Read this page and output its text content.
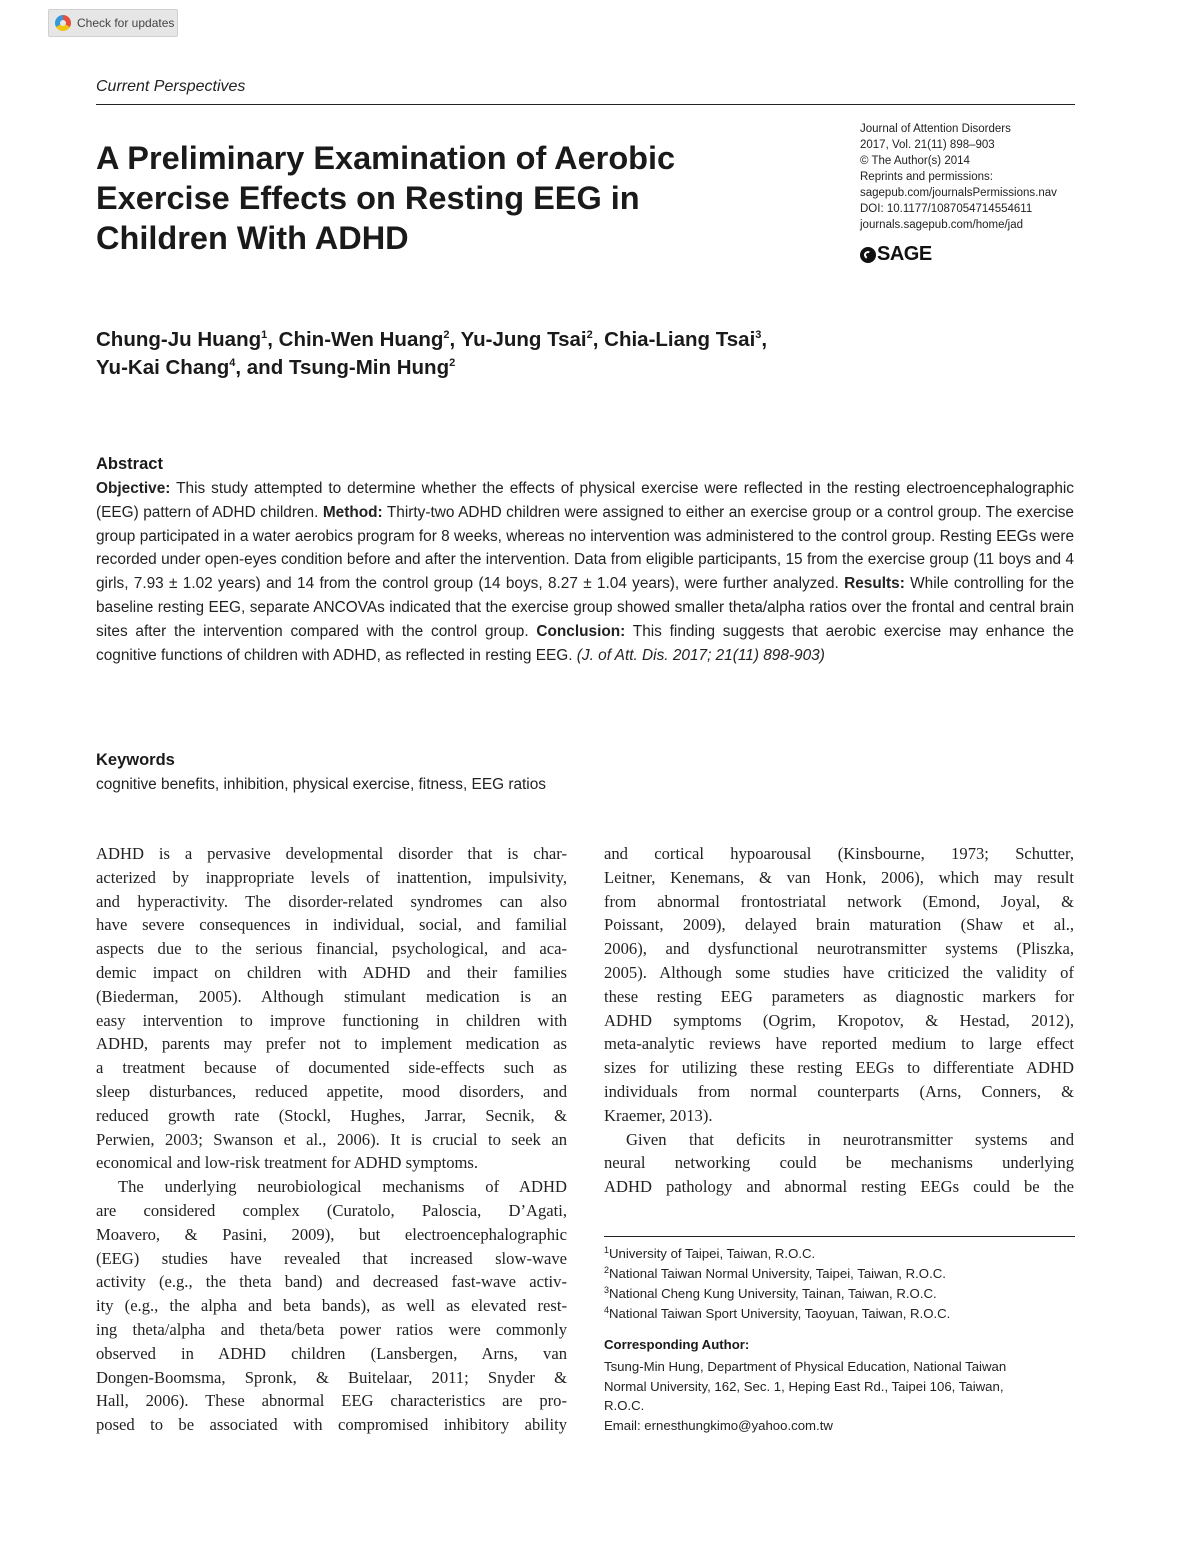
Check for updates
Current Perspectives
A Preliminary Examination of Aerobic
Exercise Effects on Resting EEG in
Children With ADHD
Journal of Attention Disorders
2017, Vol. 21(11) 898–903
© The Author(s) 2014
Reprints and permissions:
sagepub.com/journalsPermissions.nav
DOI: 10.1177/1087054714554611
journals.sagepub.com/home/jad
SAGE
Chung-Ju Huang$^1$, Chin-Wen Huang$^2$, Yu-Jung Tsai$^2$, Chia-Liang Tsai$^3$,
Yu-Kai Chang$^4$, and Tsung-Min Hung$^2$
Abstract
Objective: This study attempted to determine whether the effects of physical exercise were reflected in the resting electroencephalographic (EEG) pattern of ADHD children. Method: Thirty-two ADHD children were assigned to either an exercise group or a control group. The exercise group participated in a water aerobics program for 8 weeks, whereas no intervention was administered to the control group. Resting EEGs were recorded under open-eyes condition before and after the intervention. Data from eligible participants, 15 from the exercise group (11 boys and 4 girls, 7.93 ± 1.02 years) and 14 from the control group (14 boys, 8.27 ± 1.04 years), were further analyzed. Results: While controlling for the baseline resting EEG, separate ANCOVAs indicated that the exercise group showed smaller theta/alpha ratios over the frontal and central brain sites after the intervention compared with the control group. Conclusion: This finding suggests that aerobic exercise may enhance the cognitive functions of children with ADHD, as reflected in resting EEG. (J. of Att. Dis. 2017; 21(11) 898-903)
Keywords
cognitive benefits, inhibition, physical exercise, fitness, EEG ratios
ADHD is a pervasive developmental disorder that is char-
acterized by inappropriate levels of inattention, impulsivity,
and hyperactivity. The disorder-related syndromes can also
have severe consequences in individual, social, and familial
aspects due to the serious financial, psychological, and aca-
demic impact on children with ADHD and their families
(Biederman, 2005). Although stimulant medication is an
easy intervention to improve functioning in children with
ADHD, parents may prefer not to implement medication as
a treatment because of documented side-effects such as
sleep disturbances, reduced appetite, mood disorders, and
reduced growth rate (Stockl, Hughes, Jarrar, Secnik, &
Perwien, 2003; Swanson et al., 2006). It is crucial to seek an
economical and low-risk treatment for ADHD symptoms.
The underlying neurobiological mechanisms of ADHD
are considered complex (Curatolo, Paloscia, D’Agati,
Moavero, & Pasini, 2009), but electroencephalographic
(EEG) studies have revealed that increased slow-wave
activity (e.g., the theta band) and decreased fast-wave activ-
ity (e.g., the alpha and beta bands), as well as elevated rest-
ing theta/alpha and theta/beta power ratios were commonly
observed in ADHD children (Lansbergen, Arns, van
Dongen-Boomsma, Spronk, & Buitelaar, 2011; Snyder &
Hall, 2006). These abnormal EEG characteristics are pro-
posed to be associated with compromised inhibitory ability
and cortical hypoarousal (Kinsbourne, 1973; Schutter,
Leitner, Kenemans, & van Honk, 2006), which may result
from abnormal frontostriatal network (Emond, Joyal, &
Poissant, 2009), delayed brain maturation (Shaw et al.,
2006), and dysfunctional neurotransmitter systems (Pliszka,
2005). Although some studies have criticized the validity of
these resting EEG parameters as diagnostic markers for
ADHD symptoms (Ogrim, Kropotov, & Hestad, 2012),
meta-analytic reviews have reported medium to large effect
sizes for utilizing these resting EEGs to differentiate ADHD
individuals from normal counterparts (Arns, Conners, &
Kraemer, 2013).
Given that deficits in neurotransmitter systems and
neural networking could be mechanisms underlying
ADHD pathology and abnormal resting EEGs could be the
$^1$University of Taipei, Taiwan, R.O.C.
$^2$National Taiwan Normal University, Taipei, Taiwan, R.O.C.
$^3$National Cheng Kung University, Tainan, Taiwan, R.O.C.
$^4$National Taiwan Sport University, Taoyuan, Taiwan, R.O.C.
Corresponding Author:
Tsung-Min Hung, Department of Physical Education, National Taiwan
Normal University, 162, Sec. 1, Heping East Rd., Taipei 106, Taiwan,
R.O.C.
Email: ernesthungkimo@yahoo.com.tw
